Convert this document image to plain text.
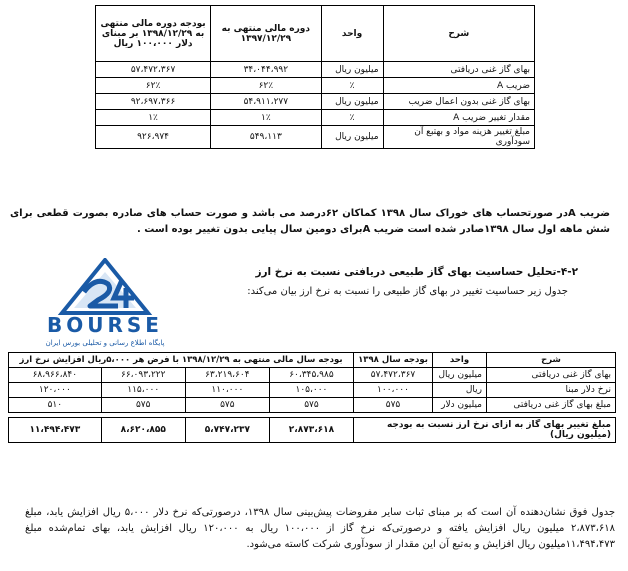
شرح	واحد	دوره مالی منتهی به ۱۳۹۷/۱۲/۲۹	بودجه دوره مالی منتهی به ۱۳۹۸/۱۲/۲۹ بر مبنای دلار ۱۰۰،۰۰۰ ریال
بهای گاز غنی دریافتی	میلیون ریال	۳۴،۰۴۴،۹۹۲	۵۷،۴۷۲،۳۶۷
ضریب A	٪	۶۲٪	۶۲٪
بهای گاز غنی بدون اعمال ضریب	میلیون ریال	۵۴،۹۱۱،۲۷۷	۹۲،۶۹۷،۳۶۶
مقدار تغییر ضریب A	٪	۱٪	۱٪
مبلغ تغییر هزینه مواد و بهتبع آن سودآوری	میلیون ریال	۵۴۹،۱۱۳	۹۲۶،۹۷۴
ضریب Aدر صورتحساب های خوراک سال ۱۳۹۸ کماکان ۶۲درصد می باشد و صورت حساب های صادره بصورت قطعی برای شش ماهه اول سال ۱۳۹۸صادر شده است ضریب Aبرای دومین سال پیایی بدون تغییر بوده است .
BOURSE
پایگاه اطلاع رسانی و تحلیلی بورس ایران
۴-۲-تحلیل حساسیت بهای گاز طبیعی دریافتی نسبت به نرخ ارز
جدول زیر حساسیت تغییر در بهای گاز طبیعی را نسبت به نرخ ارز بیان می‌کند:
شرح	واحد	بودجه سال ۱۳۹۸	بودجه سال مالی منتهی به ۱۳۹۸/۱۲/۲۹ با فرض هر ۵،۰۰۰ریال افزایش نرخ ارز			
بهای گاز غنی دریافتی	میلیون ریال	۵۷،۴۷۲،۳۶۷	۶۰،۳۴۵،۹۸۵	۶۳،۲۱۹،۶۰۴	۶۶،۰۹۳،۲۲۲	۶۸،۹۶۶،۸۴۰
نرخ دلار مبنا	ریال	۱۰۰،۰۰۰	۱۰۵،۰۰۰	۱۱۰،۰۰۰	۱۱۵،۰۰۰	۱۲۰،۰۰۰
مبلغ بهای گاز غنی دریافتی	میلیون دلار	۵۷۵	۵۷۵	۵۷۵	۵۷۵	۵۱۰

مبلغ تغییر بهای گاز به ازای نرخ ارز نسبت به بودجه (میلیون ریال)			۲،۸۷۳،۶۱۸	۵،۷۴۷،۲۳۷	۸،۶۲۰،۸۵۵	۱۱،۴۹۴،۴۷۳
جدول فوق نشان‌دهنده آن است که بر مبنای ثبات سایر مفروضات پیش‌بینی سال ۱۳۹۸، درصورتی‌که نرخ دلار ۵،۰۰۰ ریال افزایش یابد، مبلغ ۲،۸۷۳،۶۱۸ میلیون ریال افزایش یافته و درصورتی‌که نرخ گاز از ۱۰۰،۰۰۰ ریال به ۱۲۰،۰۰۰ ریال افزایش یابد، بهای تمام‌شده مبلغ ۱۱،۴۹۴،۴۷۳میلیون ریال افزایش و به‌تبع آن این مقدار از سودآوری شرکت کاسته می‌شود.
